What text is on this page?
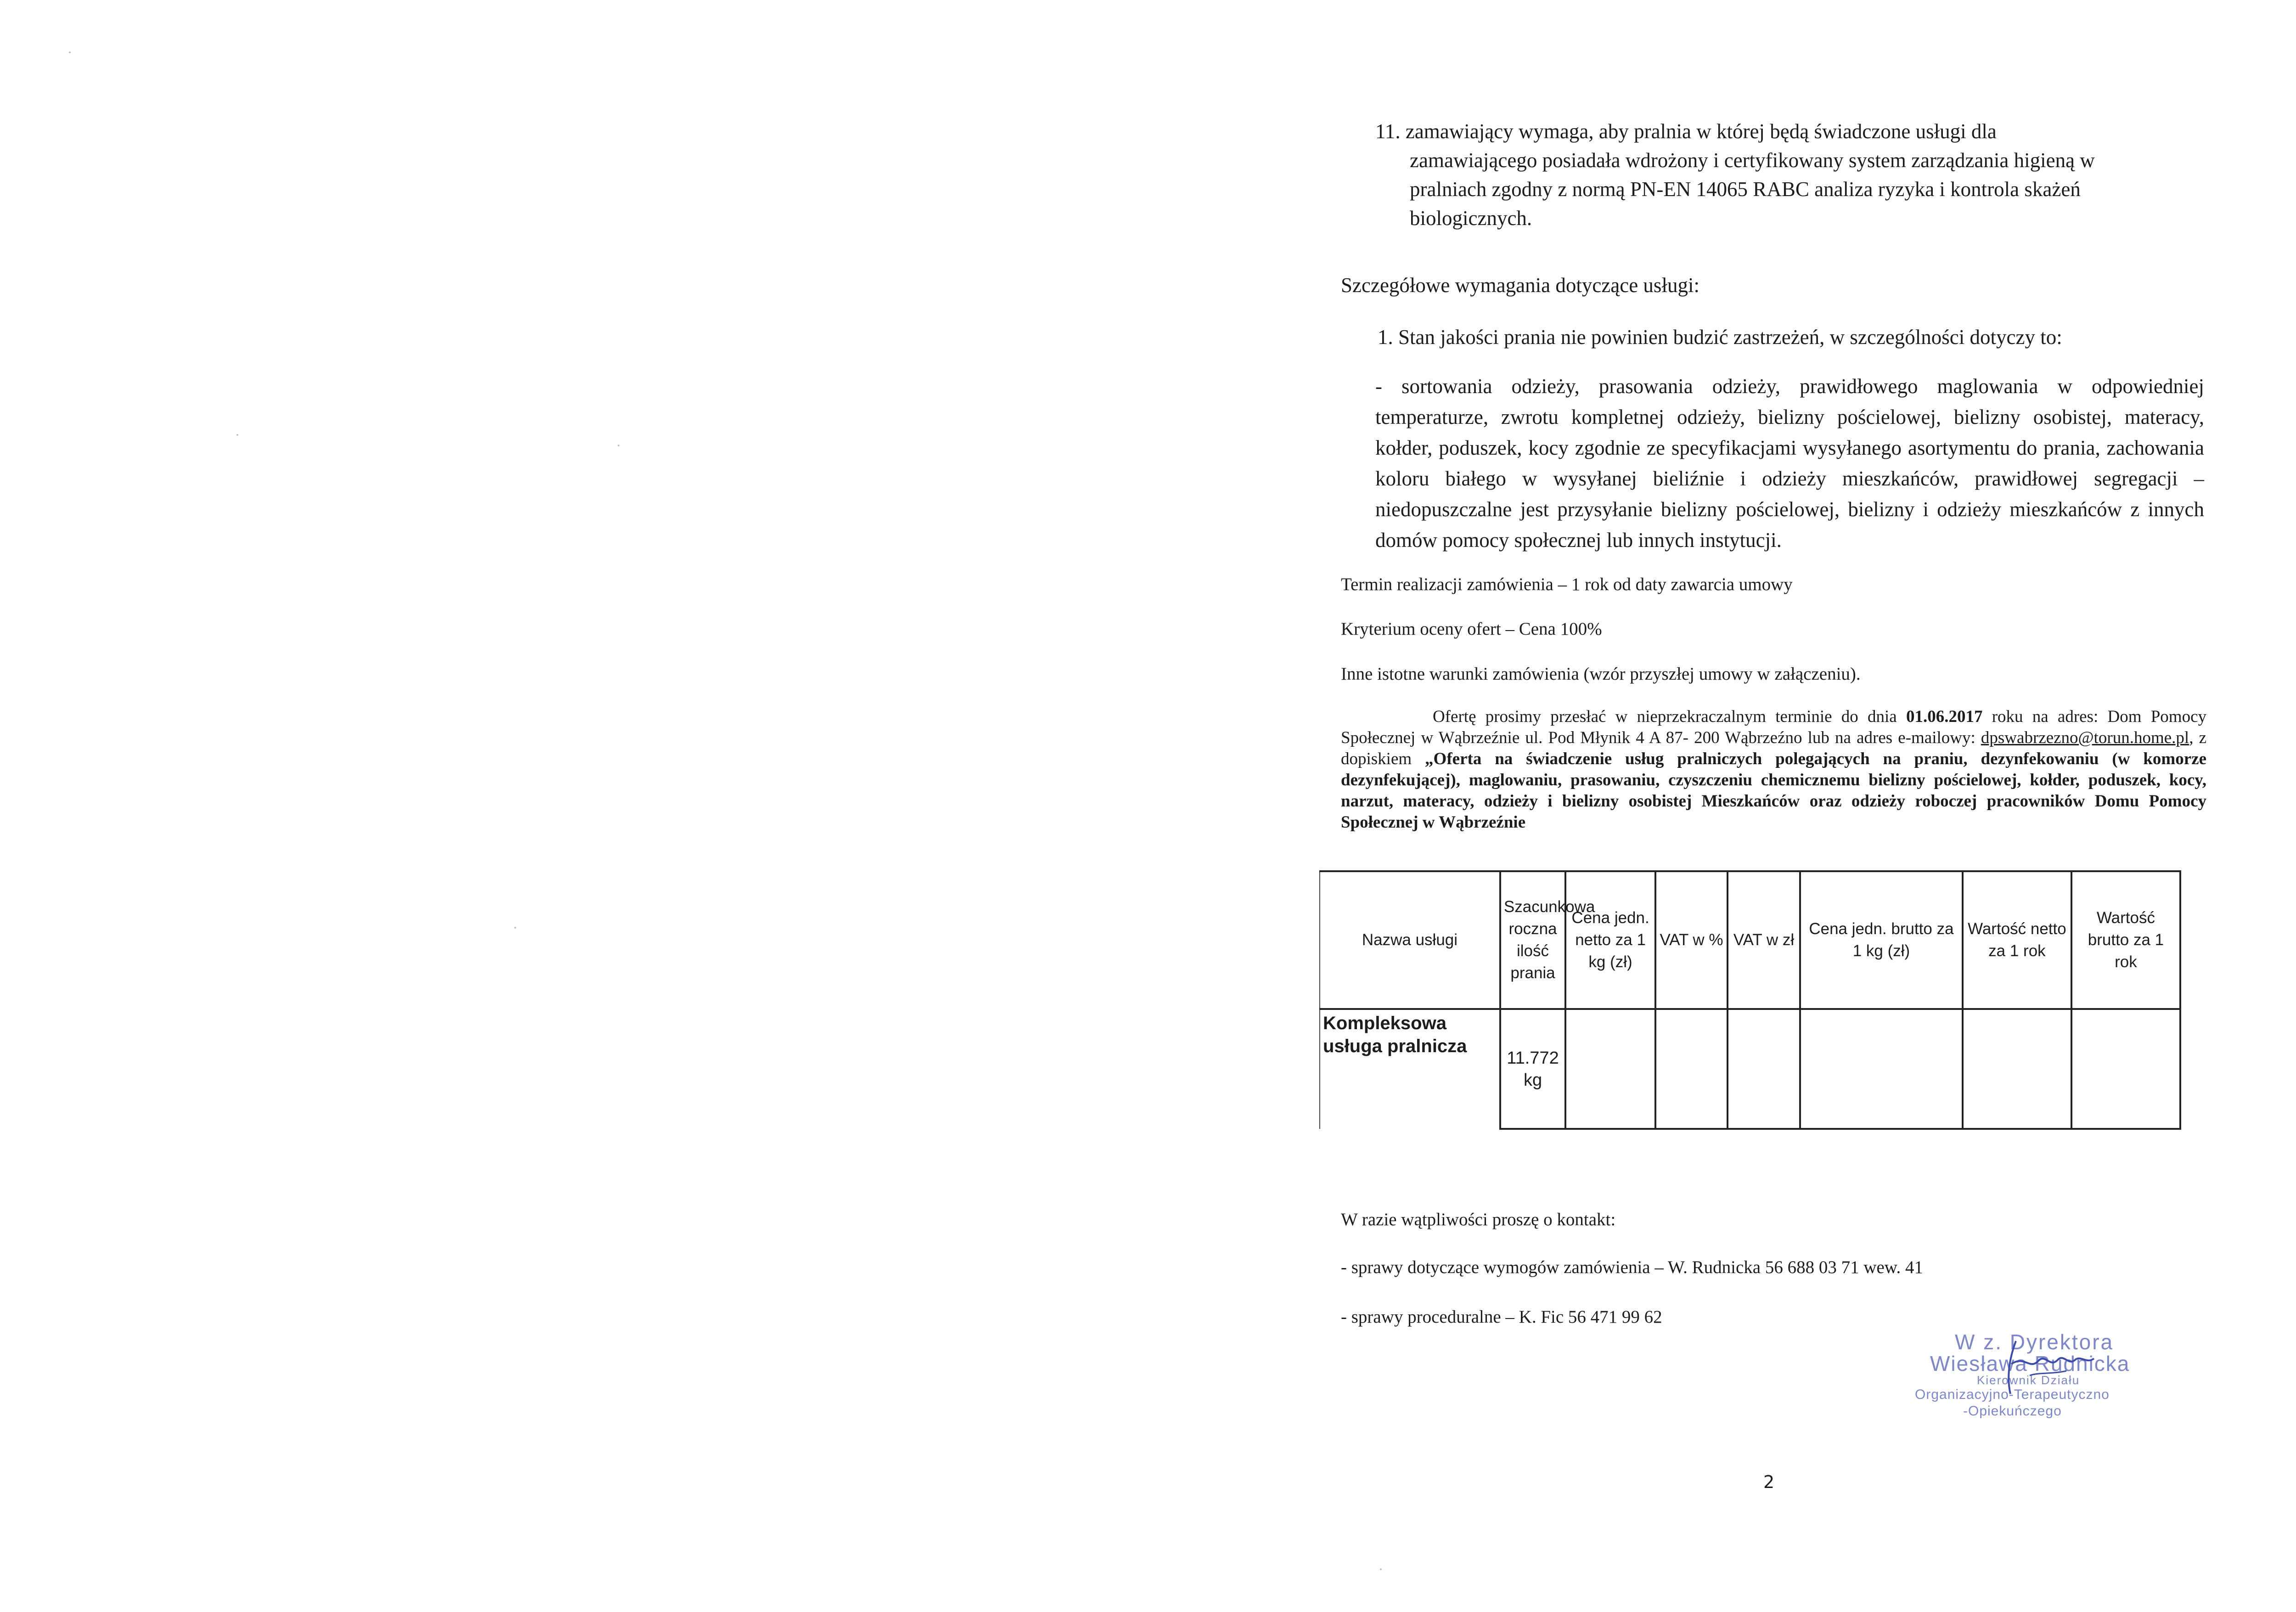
11. zamawiający wymaga, aby pralnia w której będą świadczone usługi dla
zamawiającego posiadała wdrożony i certyfikowany system zarządzania higieną w
pralniach zgodny z normą PN-EN 14065 RABC analiza ryzyka i kontrola skażeń
biologicznych.
Szczegółowe wymagania dotyczące usługi:
1. Stan jakości prania nie powinien budzić zastrzeżeń, w szczególności dotyczy to:
- sortowania odzieży, prasowania odzieży, prawidłowego maglowania w odpowiedniej temperaturze, zwrotu kompletnej odzieży, bielizny pościelowej, bielizny osobistej, materacy, kołder, poduszek, kocy zgodnie ze specyfikacjami wysyłanego asortymentu do prania, zachowania koloru białego w wysyłanej bieliźnie i odzieży mieszkańców, prawidłowej segregacji – niedopuszczalne jest przysyłanie bielizny pościelowej, bielizny i odzieży mieszkańców z innych domów pomocy społecznej lub innych instytucji.
Termin realizacji zamówienia – 1 rok od daty zawarcia umowy
Kryterium oceny ofert – Cena 100%
Inne istotne warunki zamówienia (wzór przyszłej umowy w załączeniu).
Ofertę prosimy przesłać w nieprzekraczalnym terminie do dnia 01.06.2017 roku na adres: Dom Pomocy Społecznej w Wąbrzeźnie ul. Pod Młynik 4 A 87- 200 Wąbrzeźno lub na adres e-mailowy: dpswabrzezno@torun.home.pl, z dopiskiem „Oferta na świadczenie usług pralniczych polegających na praniu, dezynfekowaniu (w komorze dezynfekującej), maglowaniu, prasowaniu, czyszczeniu chemicznemu bielizny pościelowej, kołder, poduszek, kocy, narzut, materacy, odzieży i bielizny osobistej Mieszkańców oraz odzieży roboczej pracowników Domu Pomocy Społecznej w Wąbrzeźnie
Nazwa usługi	Szacunkowa roczna ilość prania	Cena jedn. netto za 1 kg (zł)	VAT w %	VAT w zł	Cena jedn. brutto za 1 kg (zł)	Wartość netto za 1 rok	Wartość brutto za 1 rok
Kompleksowa usługa pralnicza	11.772 kg						
W razie wątpliwości proszę o kontakt:
- sprawy dotyczące wymogów zamówienia – W. Rudnicka 56 688 03 71 wew. 41
- sprawy proceduralne – K. Fic 56 471 99 62
W z. Dyrektora
Wiesława Rudnicka
Kierownik Działu
Organizacyjno-Terapeutyczno
-Opiekuńczego
2
